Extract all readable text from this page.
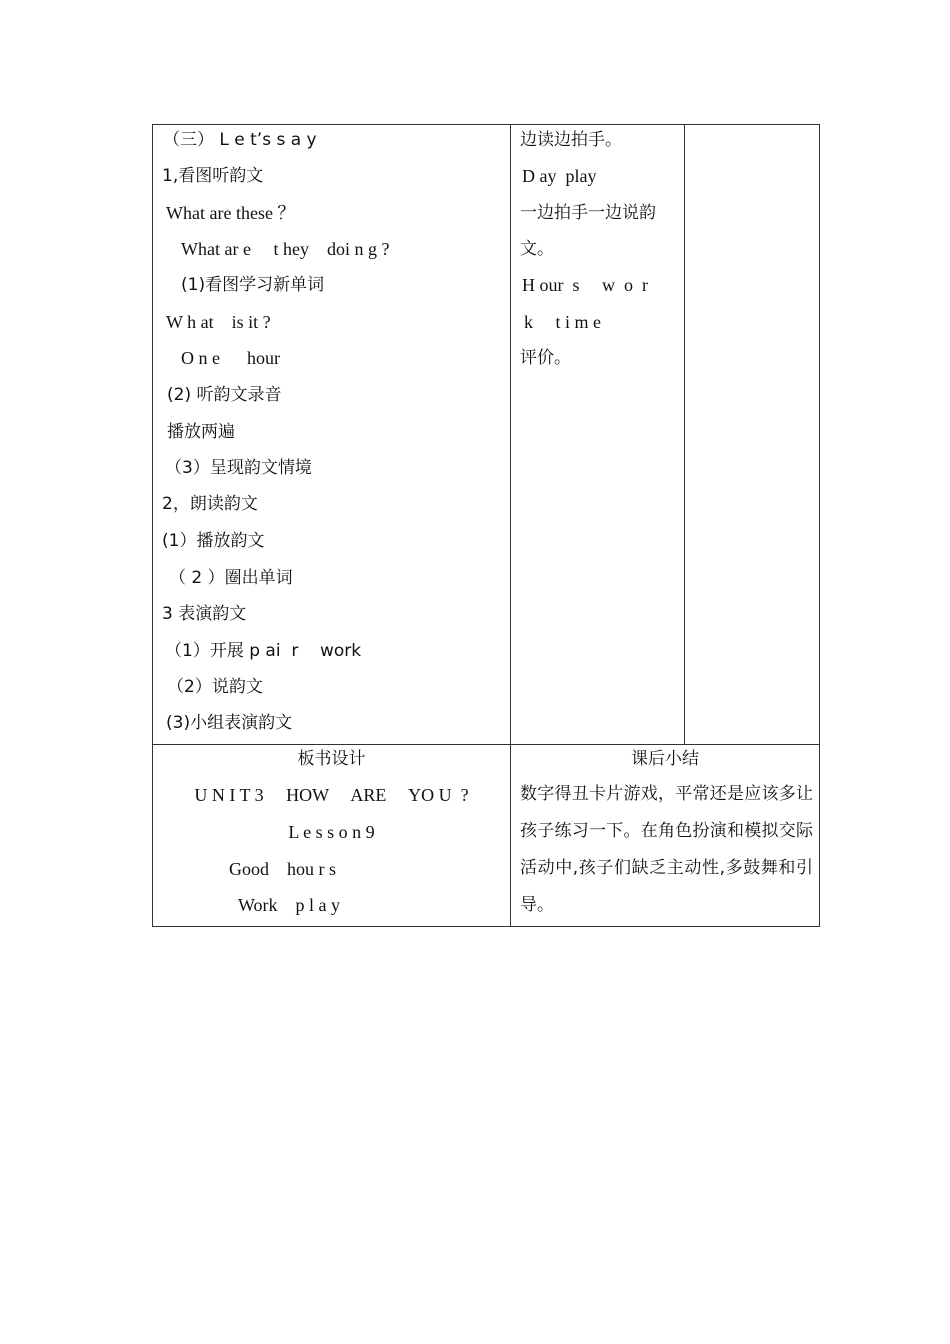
（三） L e t’s s a y
1,看图听韵文
What are these ？
What ar e     t hey    doi n g ?
(1)看图学习新单词
W h at    is it ?
O n e      hour
(2) 听韵文录音
播放两遍
（3）呈现韵文情境
2，朗读韵文
(1）播放韵文
（ 2 ）圈出单词
3 表演韵文
（1）开展 p ai  r    work
（2）说韵文
(3)小组表演韵文
边读边拍手。
D ay  play
一边拍手一边说韵
文。
H our  s     w  o  r
k     t i m e
评价。
板书设计
U N I T 3     HOW     ARE     YO U  ?
L e s s o n 9
Good    hou r s
Work    p l a y
课后小结
数字得丑卡片游戏，平常还是应该多让孩子练习一下。在角色扮演和模拟交际活动中,孩子们缺乏主动性,多鼓舞和引导。
